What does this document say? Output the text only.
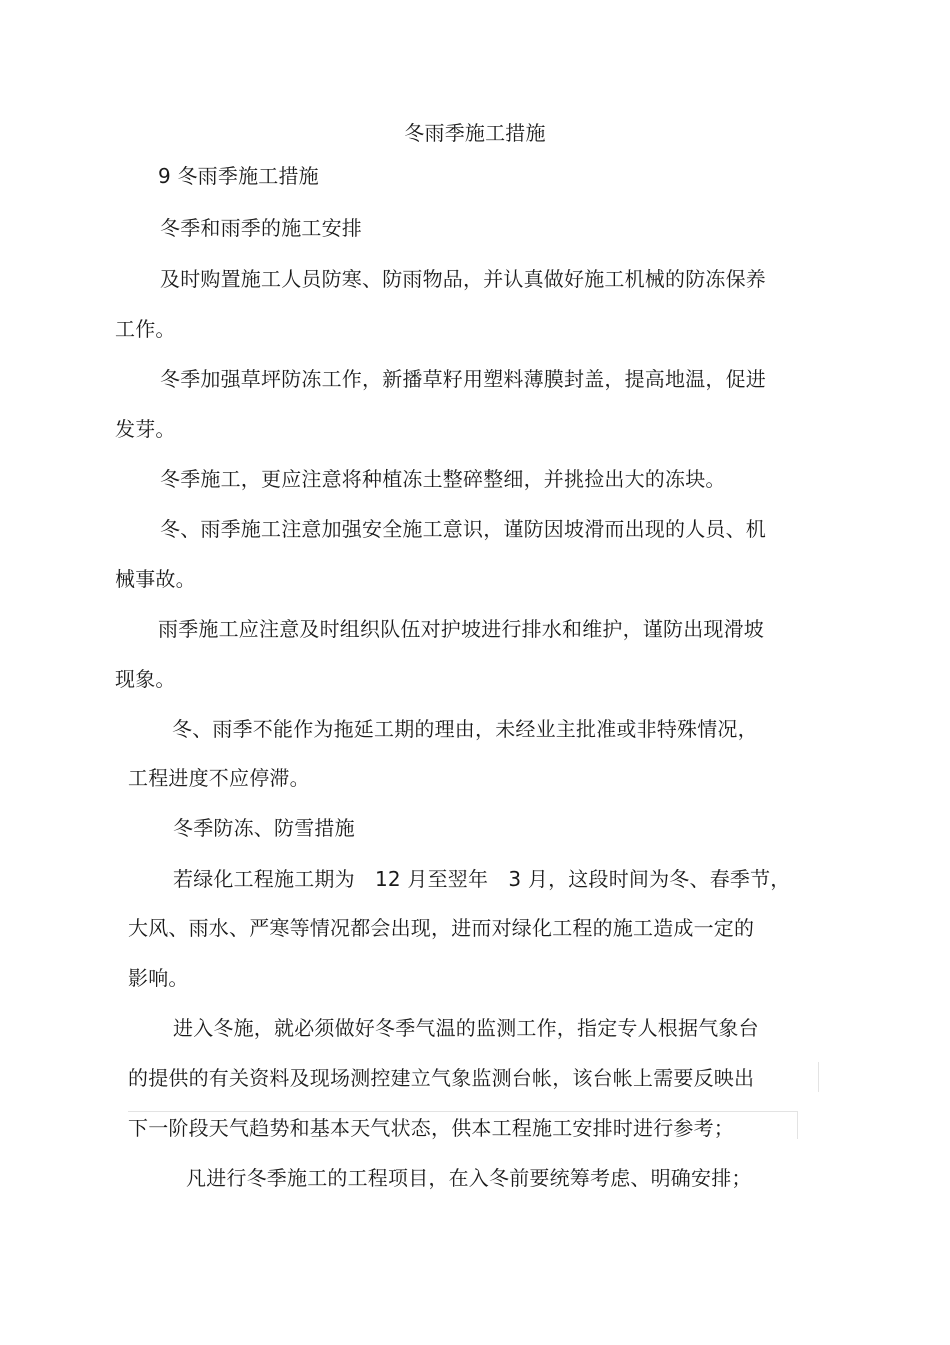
冬雨季施工措施
9 冬雨季施工措施
冬季和雨季的施工安排
及时购置施工人员防寒、防雨物品，并认真做好施工机械的防冻保养
工作。
冬季加强草坪防冻工作，新播草籽用塑料薄膜封盖，提高地温，促进
发芽。
冬季施工，更应注意将种植冻土整碎整细，并挑捡出大的冻块。
冬、雨季施工注意加强安全施工意识，谨防因坡滑而出现的人员、机
械事故。
雨季施工应注意及时组织队伍对护坡进行排水和维护，谨防出现滑坡
现象。
冬、雨季不能作为拖延工期的理由，未经业主批准或非特殊情况，
工程进度不应停滞。
冬季防冻、防雪措施
若绿化工程施工期为　12 月至翌年　3 月，这段时间为冬、春季节，
大风、雨水、严寒等情况都会出现，进而对绿化工程的施工造成一定的
影响。
进入冬施，就必须做好冬季气温的监测工作，指定专人根据气象台
的提供的有关资料及现场测控建立气象监测台帐，该台帐上需要反映出
下一阶段天气趋势和基本天气状态，供本工程施工安排时进行参考；
凡进行冬季施工的工程项目，在入冬前要统筹考虑、明确安排；
